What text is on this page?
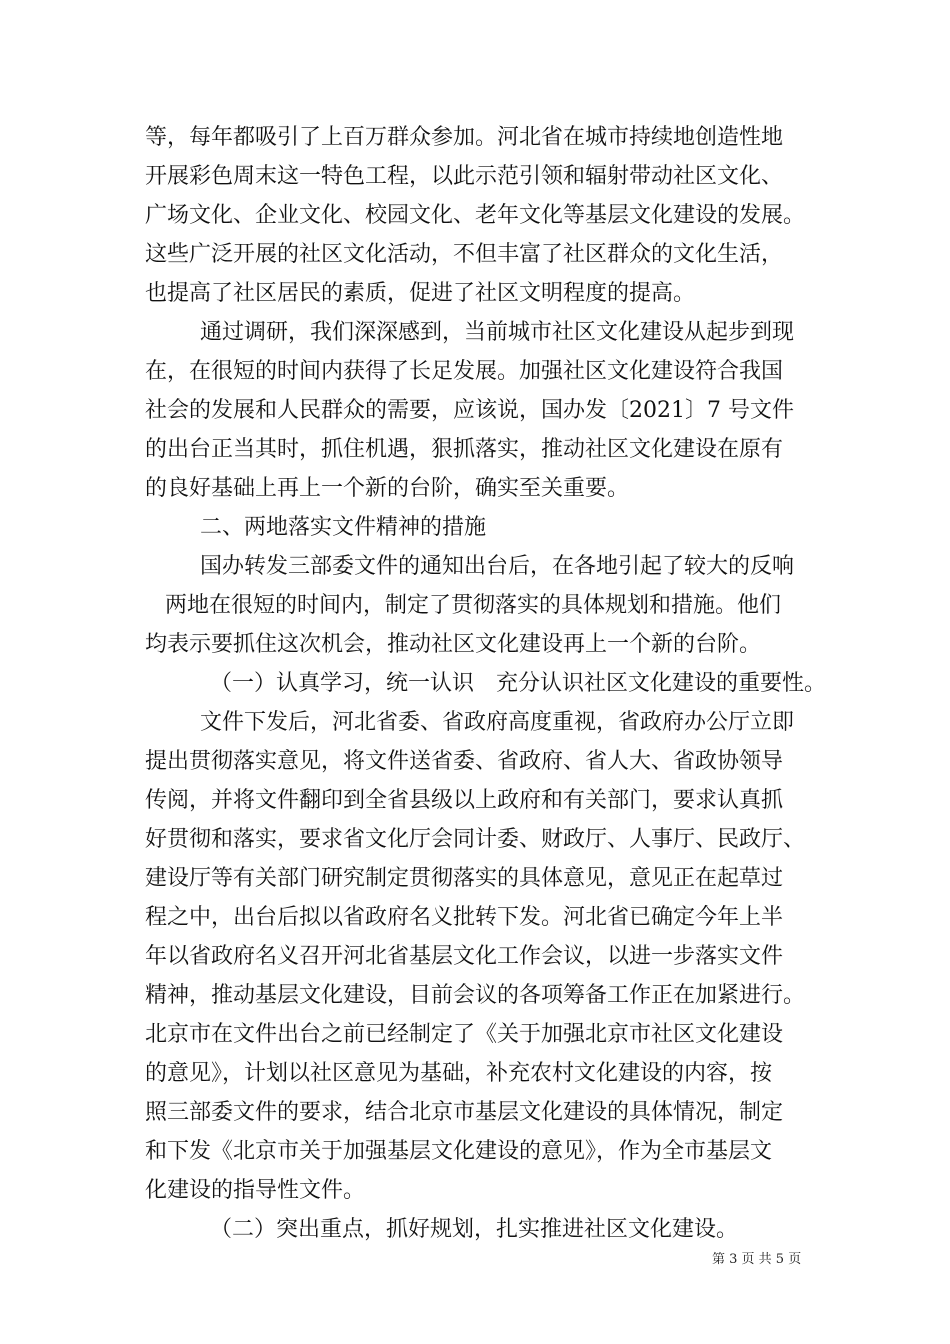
等，每年都吸引了上百万群众参加。河北省在城市持续地创造性地
开展彩色周末这一特色工程，以此示范引领和辐射带动社区文化、
广场文化、企业文化、校园文化、老年文化等基层文化建设的发展。
这些广泛开展的社区文化活动，不但丰富了社区群众的文化生活，
也提高了社区居民的素质，促进了社区文明程度的提高。
通过调研，我们深深感到，当前城市社区文化建设从起步到现
在，在很短的时间内获得了长足发展。加强社区文化建设符合我国
社会的发展和人民群众的需要，应该说，国办发〔2021〕7 号文件
的出台正当其时，抓住机遇，狠抓落实，推动社区文化建设在原有
的良好基础上再上一个新的台阶，确实至关重要。
二、两地落实文件精神的措施
国办转发三部委文件的通知出台后，在各地引起了较大的反响
两地在很短的时间内，制定了贯彻落实的具体规划和措施。他们
均表示要抓住这次机会，推动社区文化建设再上一个新的台阶。
（一）认真学习，统一认识　充分认识社区文化建设的重要性。
文件下发后，河北省委、省政府高度重视，省政府办公厅立即
提出贯彻落实意见，将文件送省委、省政府、省人大、省政协领导
传阅，并将文件翻印到全省县级以上政府和有关部门，要求认真抓
好贯彻和落实，要求省文化厅会同计委、财政厅、人事厅、民政厅、
建设厅等有关部门研究制定贯彻落实的具体意见，意见正在起草过
程之中，出台后拟以省政府名义批转下发。河北省已确定今年上半
年以省政府名义召开河北省基层文化工作会议，以进一步落实文件
精神，推动基层文化建设，目前会议的各项筹备工作正在加紧进行。
北京市在文件出台之前已经制定了《关于加强北京市社区文化建设
的意见》，计划以社区意见为基础，补充农村文化建设的内容，按
照三部委文件的要求，结合北京市基层文化建设的具体情况，制定
和下发《北京市关于加强基层文化建设的意见》，作为全市基层文
化建设的指导性文件。
（二）突出重点，抓好规划，扎实推进社区文化建设。
第 3 页 共 5 页
